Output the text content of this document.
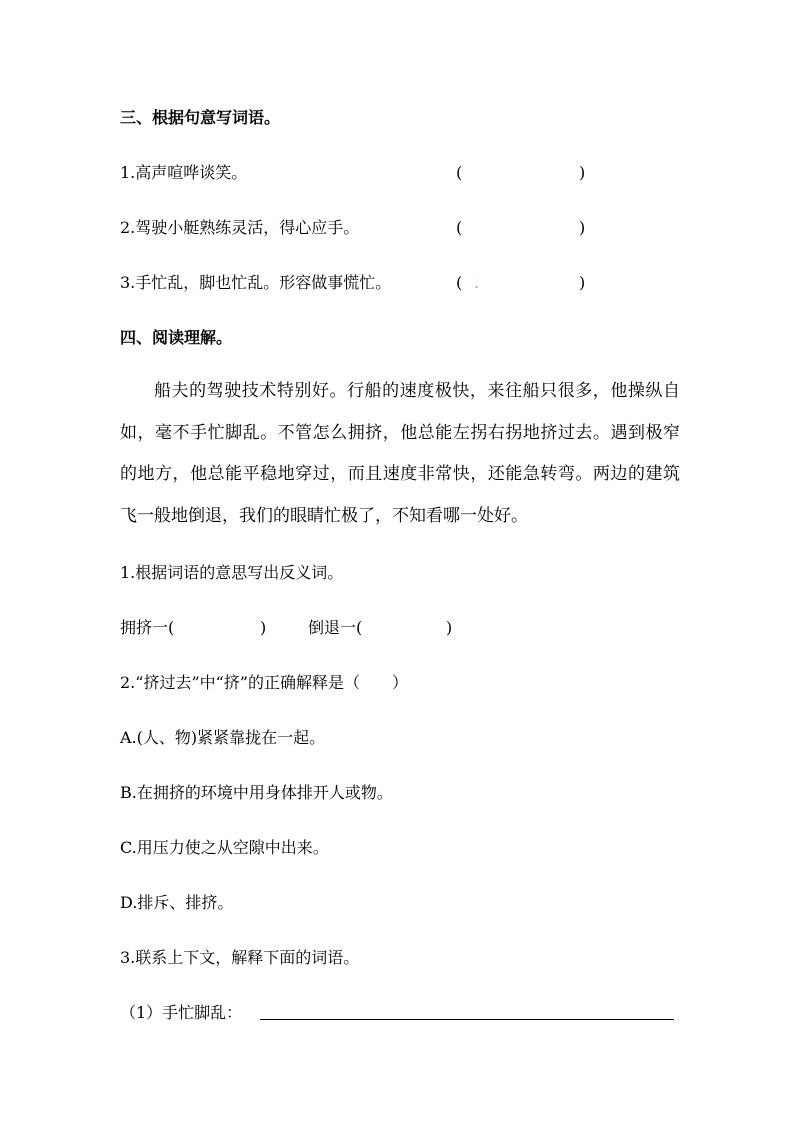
三、根据句意写词语。
1.高声喧哗谈笑。	(	)
2.驾驶小艇熟练灵活，得心应手。	(	)
3.手忙乱，脚也忙乱。形容做事慌忙。	( .	)
四、阅读理解。
船夫的驾驶技术特别好。行船的速度极快，来往船只很多，他操纵自如，毫不手忙脚乱。不管怎么拥挤，他总能左拐右拐地挤过去。遇到极窄的地方，他总能平稳地穿过，而且速度非常快，还能急转弯。两边的建筑飞一般地倒退，我们的眼睛忙极了，不知看哪一处好。
1.根据词语的意思写出反义词。
拥挤一(	)	倒退一(	)
2.“挤过去”中“挤”的正确解释是（　　）
A.(人、物)紧紧靠拢在一起。
B.在拥挤的环境中用身体排开人或物。
C.用压力使之从空隙中出来。
D.排斥、排挤。
3.联系上下文，解释下面的词语。
（1）手忙脚乱：
